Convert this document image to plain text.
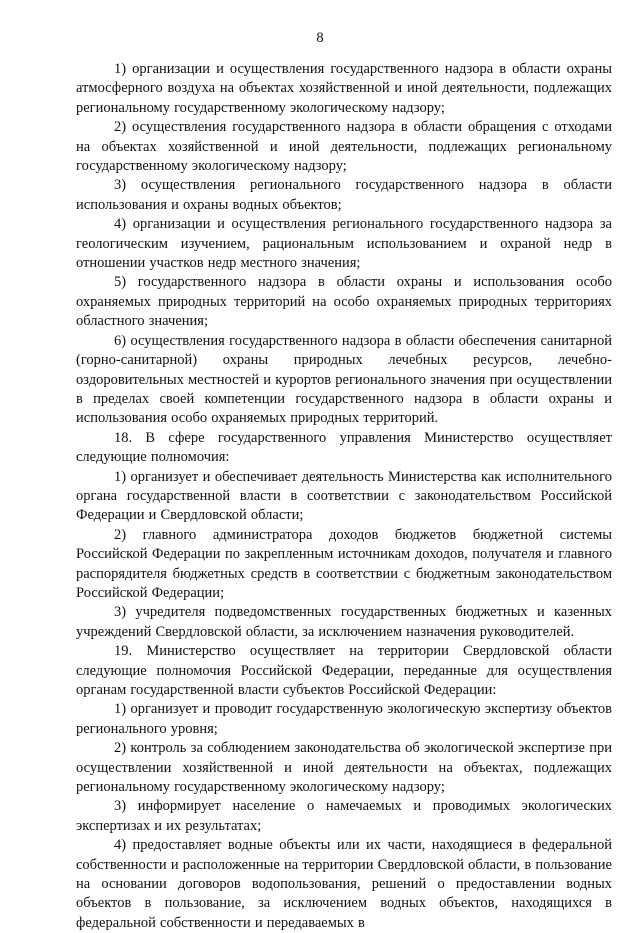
8

1) организации и осуществления государственного надзора в области охраны атмосферного воздуха на объектах хозяйственной и иной деятельности, подлежащих региональному государственному экологическому надзору;

2) осуществления государственного надзора в области обращения с отходами на объектах хозяйственной и иной деятельности, подлежащих региональному государственному экологическому надзору;

3) осуществления регионального государственного надзора в области использования и охраны водных объектов;

4) организации и осуществления регионального государственного надзора за геологическим изучением, рациональным использованием и охраной недр в отношении участков недр местного значения;

5) государственного надзора в области охраны и использования особо охраняемых природных территорий на особо охраняемых природных территориях областного значения;

6) осуществления государственного надзора в области обеспечения санитарной (горно-санитарной) охраны природных лечебных ресурсов, лечебно-оздоровительных местностей и курортов регионального значения при осуществлении в пределах своей компетенции государственного надзора в области охраны и использования особо охраняемых природных территорий.

18. В сфере государственного управления Министерство осуществляет следующие полномочия:

1) организует и обеспечивает деятельность Министерства как исполнительного органа государственной власти в соответствии с законодательством Российской Федерации и Свердловской области;

2) главного администратора доходов бюджетов бюджетной системы Российской Федерации по закрепленным источникам доходов, получателя и главного распорядителя бюджетных средств в соответствии с бюджетным законодательством Российской Федерации;

3) учредителя подведомственных государственных бюджетных и казенных учреждений Свердловской области, за исключением назначения руководителей.

19. Министерство осуществляет на территории Свердловской области следующие полномочия Российской Федерации, переданные для осуществления органам государственной власти субъектов Российской Федерации:

1) организует и проводит государственную экологическую экспертизу объектов регионального уровня;

2) контроль за соблюдением законодательства об экологической экспертизе при осуществлении хозяйственной и иной деятельности на объектах, подлежащих региональному государственному экологическому надзору;

3) информирует население о намечаемых и проводимых экологических экспертизах и их результатах;

4) предоставляет водные объекты или их части, находящиеся в федеральной собственности и расположенные на территории Свердловской области, в пользование на основании договоров водопользования, решений о предоставлении водных объектов в пользование, за исключением водных объектов, находящихся в федеральной собственности и передаваемых в
